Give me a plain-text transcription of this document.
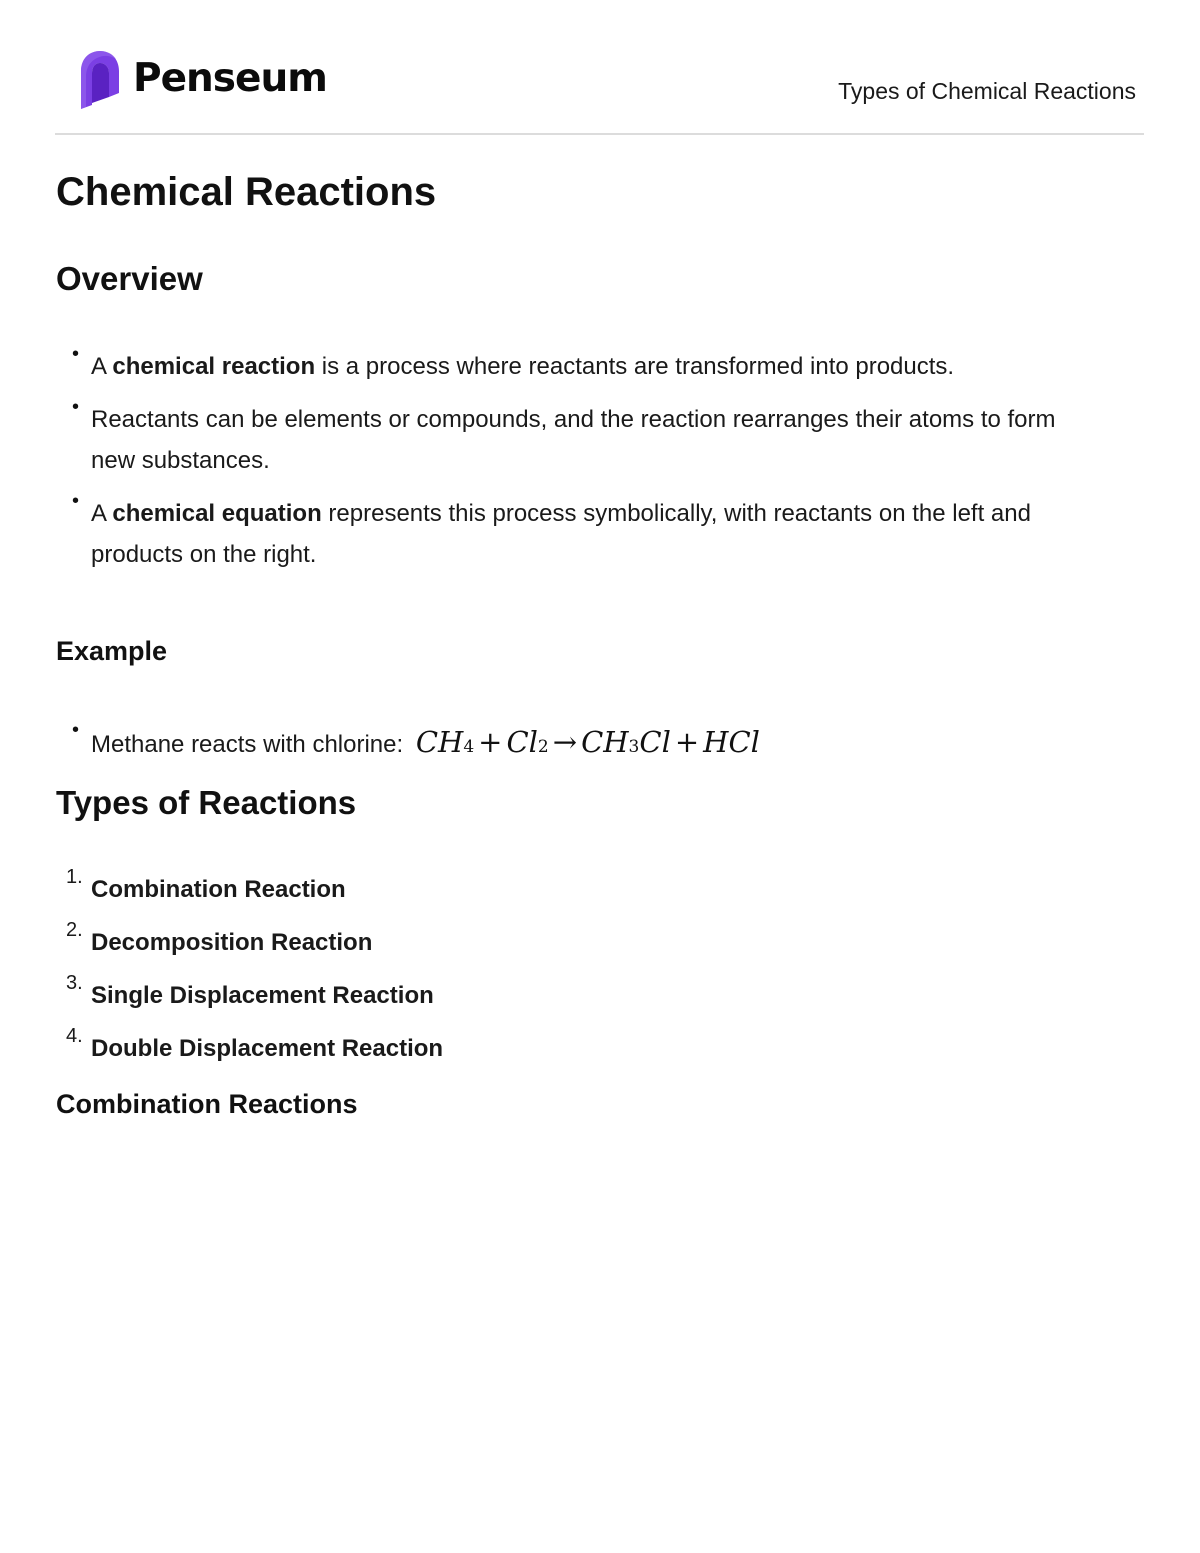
Penseum	Types of Chemical Reactions
Chemical Reactions
Overview
• A chemical reaction is a process where reactants are transformed into products.
• Reactants can be elements or compounds, and the reaction rearranges their atoms to form new substances.
• A chemical equation represents this process symbolically, with reactants on the left and products on the right.
Example
• Methane reacts with chlorine: CH4 + Cl2 → CH3Cl + HCl
Types of Reactions
1. Combination Reaction
2. Decomposition Reaction
3. Single Displacement Reaction
4. Double Displacement Reaction
Combination Reactions
